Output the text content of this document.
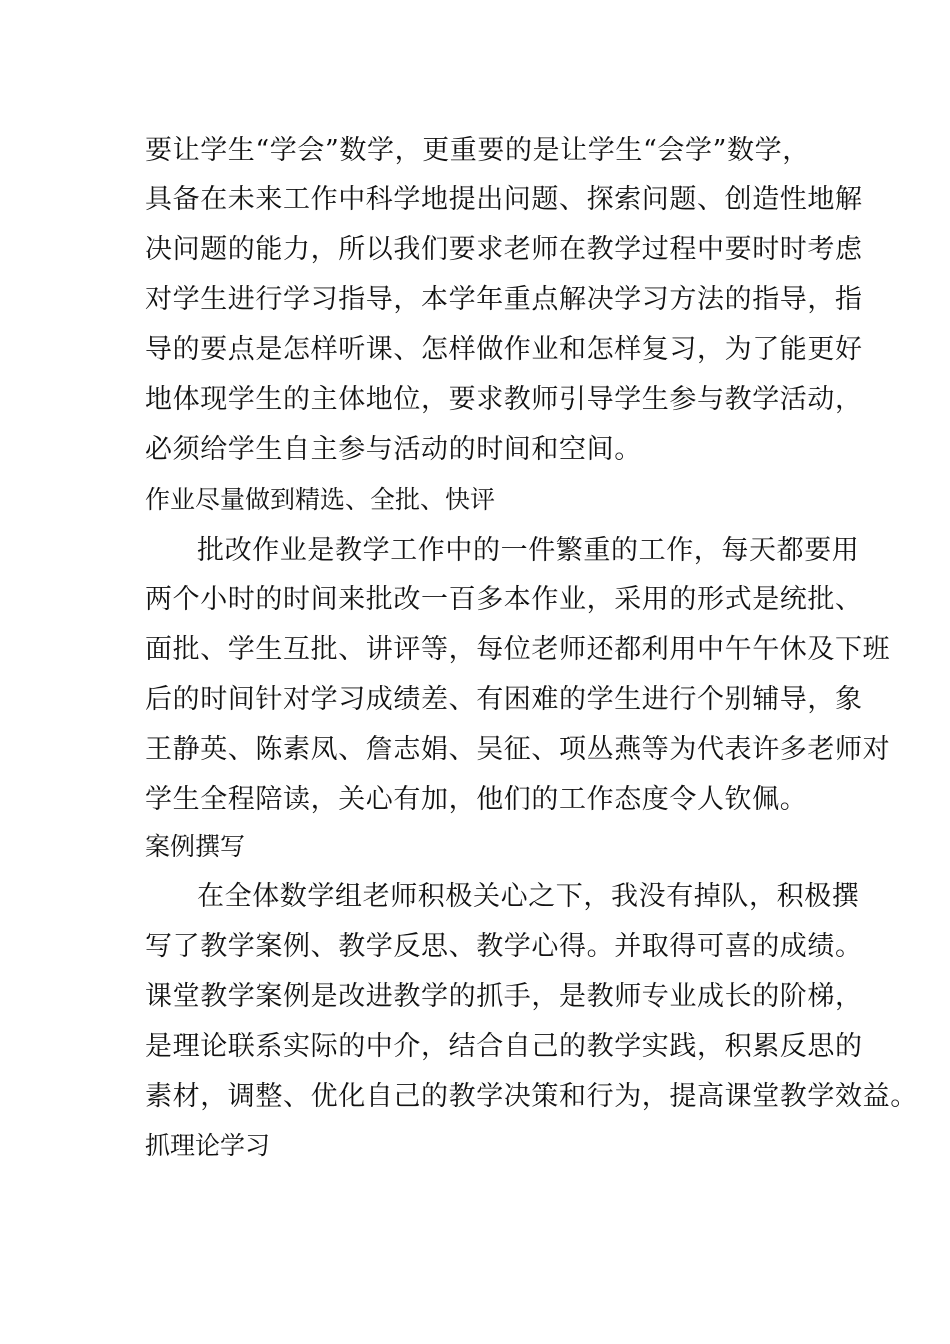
要让学生“学会”数学，更重要的是让学生“会学”数学，
具备在未来工作中科学地提出问题、探索问题、创造性地解
决问题的能力，所以我们要求老师在教学过程中要时时考虑
对学生进行学习指导，本学年重点解决学习方法的指导，指
导的要点是怎样听课、怎样做作业和怎样复习，为了能更好
地体现学生的主体地位，要求教师引导学生参与教学活动，
必须给学生自主参与活动的时间和空间。
作业尽量做到精选、全批、快评
批改作业是教学工作中的一件繁重的工作，每天都要用
两个小时的时间来批改一百多本作业，采用的形式是统批、
面批、学生互批、讲评等，每位老师还都利用中午午休及下班
后的时间针对学习成绩差、有困难的学生进行个别辅导，象
王静英、陈素凤、詹志娟、吴征、项丛燕等为代表许多老师对
学生全程陪读，关心有加，他们的工作态度令人钦佩。
案例撰写
在全体数学组老师积极关心之下，我没有掉队，积极撰
写了教学案例、教学反思、教学心得。并取得可喜的成绩。
课堂教学案例是改进教学的抓手，是教师专业成长的阶梯，
是理论联系实际的中介，结合自己的教学实践，积累反思的
素材，调整、优化自己的教学决策和行为，提高课堂教学效益。
抓理论学习
